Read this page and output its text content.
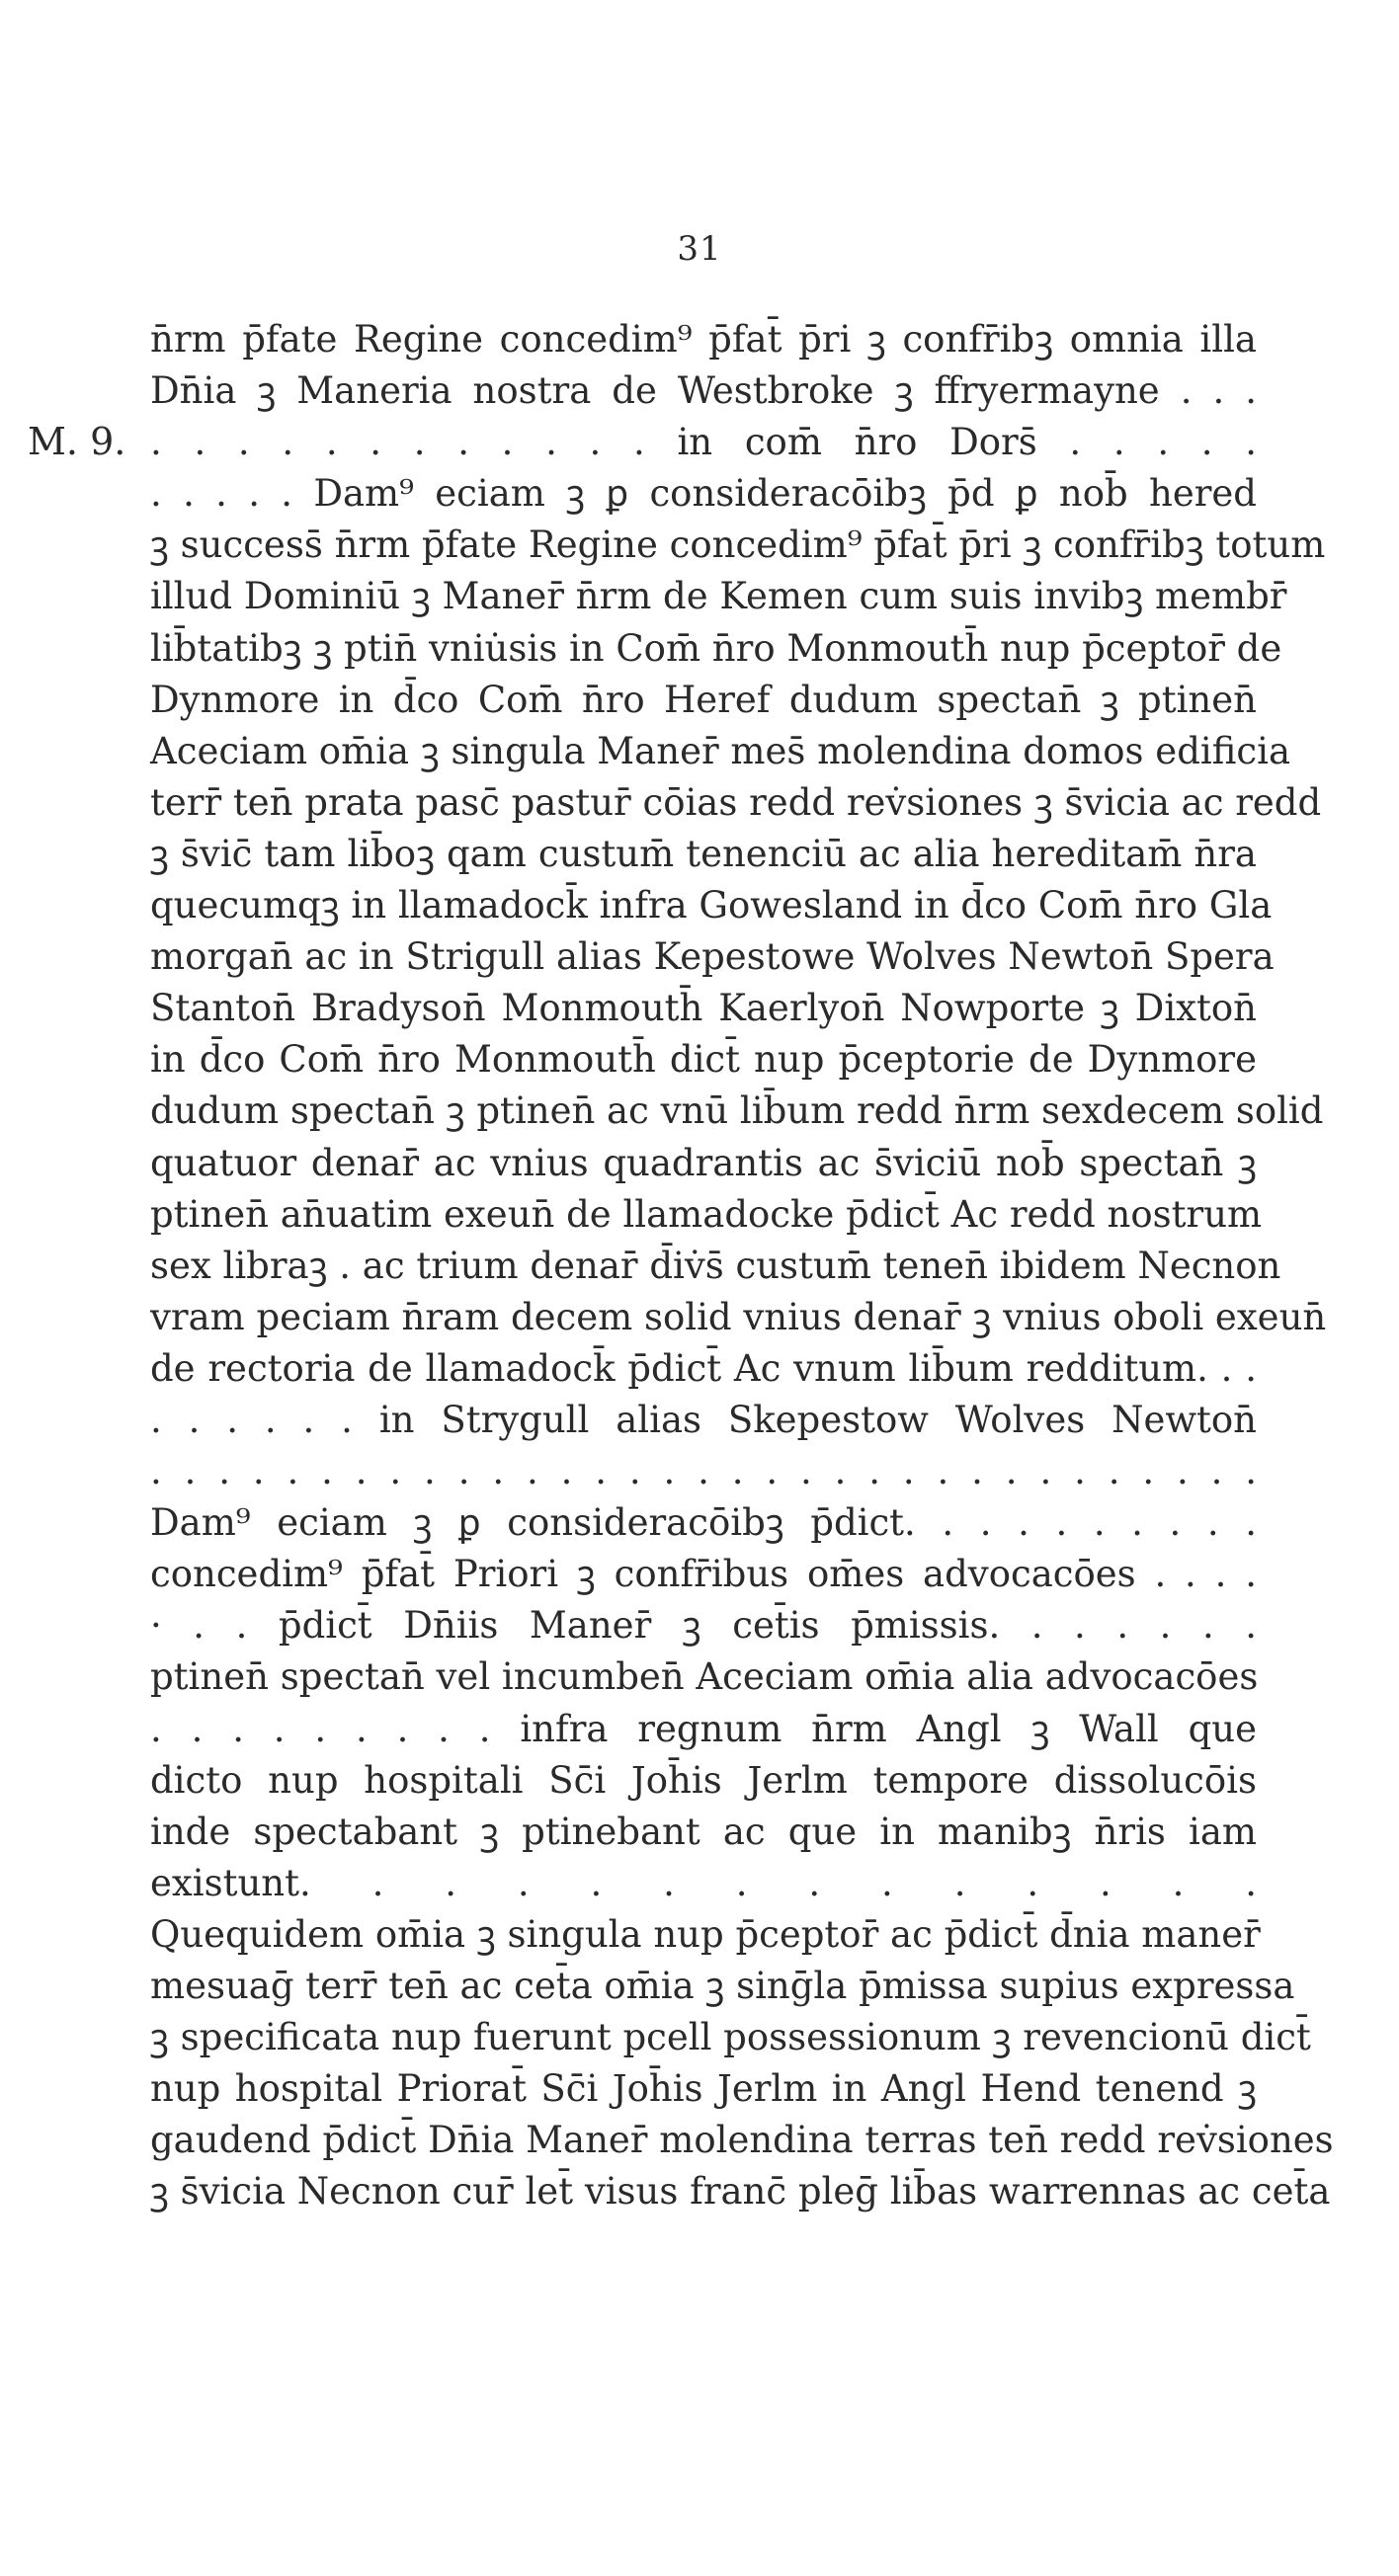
31
M. 9.
n̄rm p̄fate Regine concedim⁹ p̄fat̄ p̄ri ꝫ confr̄ibꝫ omnia illa
Dn̄ia ꝫ Maneria nostra de Westbroke ꝫ ffryermayne . . .
. . . . . . . . . . . . in com̄ n̄ro Dors̄ . . . . .
. . . . . Dam⁹ eciam ꝫ ꝑ consideracōibꝫ p̄d ꝑ nob̄ hered
ꝫ success̄ n̄rm p̄fate Regine concedim⁹ p̄fat̄ p̄ri ꝫ confr̄ibꝫ totum
illud Dominiū ꝫ Maner̄ n̄rm de Kemen cum suis invibꝫ membr̄
lib̄tatibꝫ ꝫ ptin̄ vniu̇sis in Com̄ n̄ro Monmouth̄ nup p̄ceptor̄ de
Dynmore in d̄co Com̄ n̄ro Heref dudum spectan̄ ꝫ ptinen̄
Aceciam om̄ia ꝫ singula Maner̄ mes̄ molendina domos edificia
terr̄ ten̄ prata pasc̄ pastur̄ cōias redd rev̇siones ꝫ s̄vicia ac redd
ꝫ s̄vic̄ tam lib̄oꝫ qam custum̄ tenenciū ac alia hereditam̄ n̄ra
quecumqꝫ in llamadock̄ infra Gowesland in d̄co Com̄ n̄ro Gla
morgan̄ ac in Strigull alias Kepestowe Wolves Newton̄ Spera
Stanton̄ Bradyson̄ Monmouth̄ Kaerlyon̄ Nowporte ꝫ Dixton̄
in d̄co Com̄ n̄ro Monmouth̄ dict̄ nup p̄ceptorie de Dynmore
dudum spectan̄ ꝫ ptinen̄ ac vnū lib̄um redd n̄rm sexdecem solid
quatuor denar̄ ac vnius quadrantis ac s̄viciū nob̄ spectan̄ ꝫ
ptinen̄ an̄uatim exeun̄ de llamadocke p̄dict̄ Ac redd nostrum
sex libraꝫ . ac trium denar̄ d̄iv̇s̄ custum̄ tenen̄ ibidem Necnon
vram peciam n̄ram decem solid vnius denar̄ ꝫ vnius oboli exeun̄
de rectoria de llamadock̄ p̄dict̄ Ac vnum lib̄um redditum. . .
. . . . . . in Strygull alias Skepestow Wolves Newton̄
. . . . . . . . . . . . . . . . . . . . . . . . . . . . . . . . .
Dam⁹ eciam ꝫ ꝑ consideracōibꝫ p̄dict. . . . . . . . . .
concedim⁹ p̄fat̄ Priori ꝫ confr̄ibus om̄es advocacōes . . . .
· . . p̄dict̄ Dn̄iis Maner̄ ꝫ cet̄is p̄missis. . . . . . .
ptinen̄ spectan̄ vel incumben̄ Aceciam om̄ia alia advocacōes
. . . . . . . . . infra regnum n̄rm Angl ꝫ Wall que
dicto nup hospitali Sc̄i Joh̄is Jerlm tempore dissolucōis
inde spectabant ꝫ ptinebant ac que in manibꝫ n̄ris iam
existunt. . . . . . . . . . . . . .
Quequidem om̄ia ꝫ singula nup p̄ceptor̄ ac p̄dict̄ d̄nia maner̄
mesuaḡ terr̄ ten̄ ac cet̄a om̄ia ꝫ sinḡla p̄missa supius expressa
ꝫ specificata nup fuerunt pcell possessionum ꝫ revencionū dict̄
nup hospital Priorat̄ Sc̄i Joh̄is Jerlm in Angl Hend tenend ꝫ
gaudend p̄dict̄ Dn̄ia Maner̄ molendina terras ten̄ redd rev̇siones
ꝫ s̄vicia Necnon cur̄ let̄ visus franc̄ pleḡ lib̄as warrennas ac cet̄a
